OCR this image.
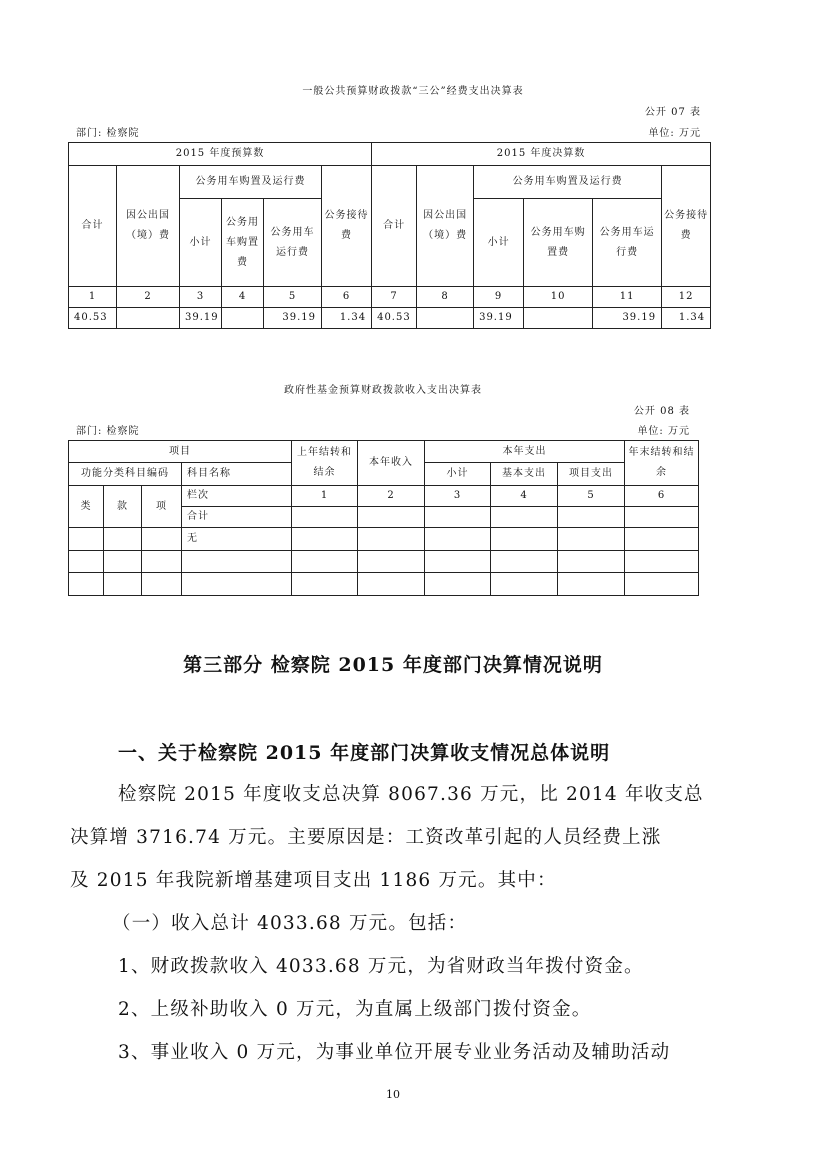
一般公共预算财政拨款“三公”经费支出决算表
公开 07 表
部门: 检察院	单位: 万元
2015 年度预算数						2015 年度决算数					
合计	因公出国（境）费	公务用车购置及运行费			公务接待费	合计	因公出国（境）费	公务用车购置及运行费			公务接待费
		小计	公务用车购置费	公务用车运行费				小计	公务用车购置费	公务用车运行费	
1	2	3	4	5	6	7	8	9	10	11	12
40.53		39.19		39.19	1.34	40.53		39.19		39.19	1.34
政府性基金预算财政拨款收入支出决算表
公开 08 表
部门: 检察院	单位: 万元
项目				上年结转和结余	本年收入	本年支出			年末结转和结余
功能分类科目编码			科目名称			小计	基本支出	项目支出	
类	款	项	栏次	1	2	3	4	5	6
			合计						
			无						

第三部分 检察院 2015 年度部门决算情况说明
一、关于检察院 2015 年度部门决算收支情况总体说明
检察院 2015 年度收支总决算 8067.36 万元，比 2014 年收支总
决算增 3716.74 万元。主要原因是：工资改革引起的人员经费上涨
及 2015 年我院新增基建项目支出 1186 万元。其中：
（一）收入总计 4033.68 万元。包括：
1、财政拨款收入 4033.68 万元，为省财政当年拨付资金。
2、上级补助收入 0 万元，为直属上级部门拨付资金。
3、事业收入 0 万元，为事业单位开展专业业务活动及辅助活动
10
